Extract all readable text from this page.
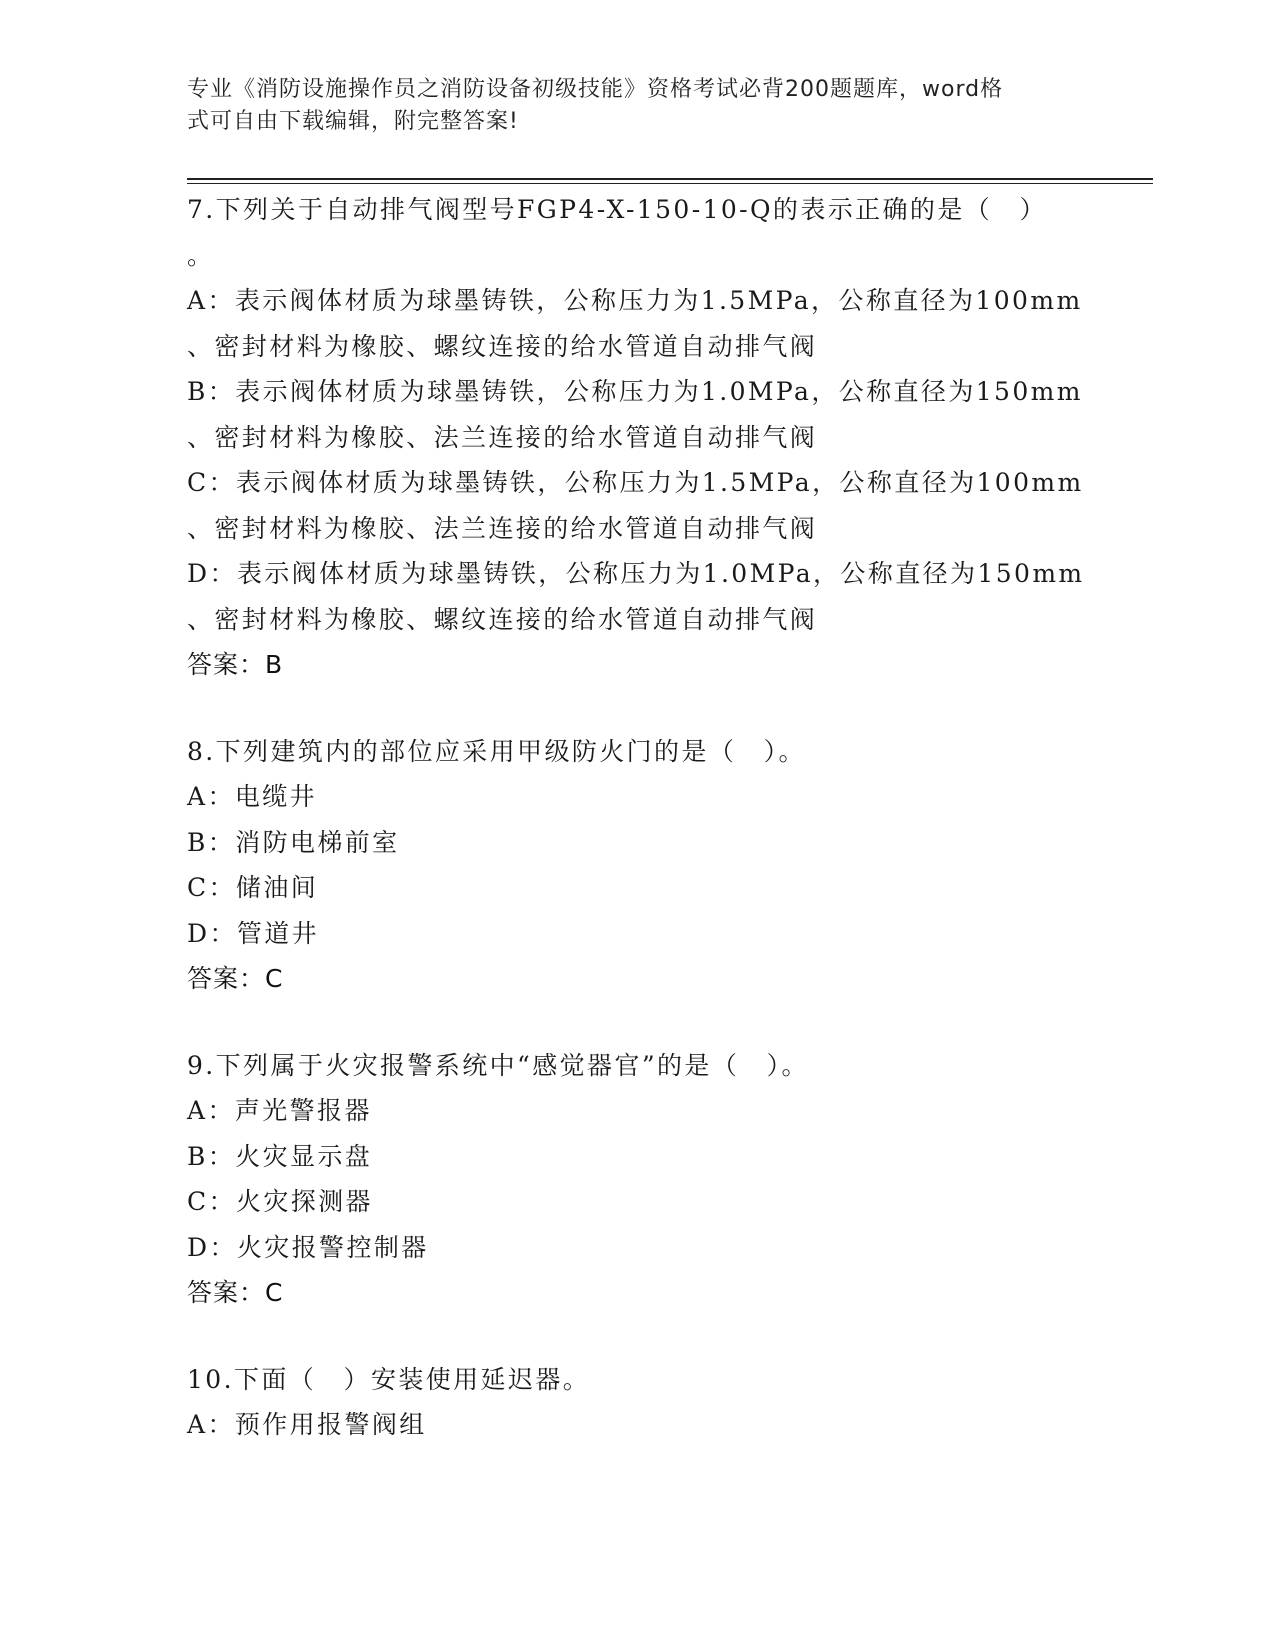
专业《消防设施操作员之消防设备初级技能》资格考试必背200题题库，word格
式可自由下载编辑，附完整答案!
7.下列关于自动排气阀型号FGP4-X-150-10-Q的表示正确的是（　）
。
A：表示阀体材质为球墨铸铁，公称压力为1.5MPa，公称直径为100mm
、密封材料为橡胶、螺纹连接的给水管道自动排气阀
B：表示阀体材质为球墨铸铁，公称压力为1.0MPa，公称直径为150mm
、密封材料为橡胶、法兰连接的给水管道自动排气阀
C：表示阀体材质为球墨铸铁，公称压力为1.5MPa，公称直径为100mm
、密封材料为橡胶、法兰连接的给水管道自动排气阀
D：表示阀体材质为球墨铸铁，公称压力为1.0MPa，公称直径为150mm
、密封材料为橡胶、螺纹连接的给水管道自动排气阀
答案：B
8.下列建筑内的部位应采用甲级防火门的是（　）。
A：电缆井
B：消防电梯前室
C：储油间
D：管道井
答案：C
9.下列属于火灾报警系统中“感觉器官”的是（　）。
A：声光警报器
B：火灾显示盘
C：火灾探测器
D：火灾报警控制器
答案：C
10.下面（　）安装使用延迟器。
A：预作用报警阀组
